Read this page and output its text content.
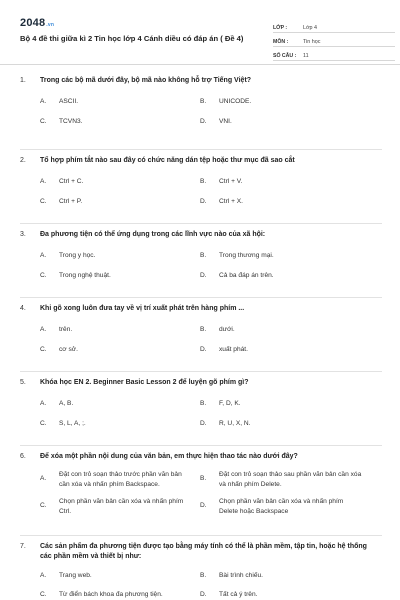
2048.vn
Bộ 4 đề thi giữa kì 2 Tin học lớp 4 Cánh diều có đáp án ( Đề 4)
LỚP :	Lớp 4
MÔN :	Tin học
SỐ CÂU :	11
1. Trong các bộ mã dưới đây, bộ mã nào không hỗ trợ Tiếng Việt?
A. ASCII.	B. UNICODE.
C. TCVN3.	D. VNI.
2. Tổ hợp phím tắt nào sau đây có chức năng dán tệp hoặc thư mục đã sao cắt
A. Ctrl + C.	B. Ctrl + V.
C. Ctrl + P.	D. Ctrl + X.
3. Đa phương tiện có thể ứng dụng trong các lĩnh vực nào của xã hội:
A. Trong y học.	B. Trong thương mại.
C. Trong nghệ thuật.	D. Cả ba đáp án trên.
4. Khi gõ xong luôn đưa tay về vị trí xuất phát trên hàng phím ...
A. trên.	B. dưới.
C. cơ sở.	D. xuất phát.
5. Khóa học EN 2. Beginner Basic Lesson 2 để luyện gõ phím gì?
A. A, B.	B. F, D, K.
C. S, L, A, ;.	D. R, U, X, N.
6. Để xóa một phần nội dung của văn bản, em thực hiện thao tác nào dưới đây?
A.
Đặt con trỏ soạn thảo trước phần văn bản cần xóa và nhấn phím Backspace.
B.
Đặt con trỏ soạn thảo sau phần văn bản cần xóa và nhấn phím Delete.
C.
Chọn phần văn bản cần xóa và nhấn phím Ctrl.
D.
Chọn phần văn bản cần xóa và nhấn phím Delete hoặc Backspace
7. Các sản phẩm đa phương tiện được tạo bằng máy tính có thể là phần mềm, tập tin, hoặc hệ thống các phần mềm và thiết bị như:
A. Trang web.	B. Bài trình chiếu.
C. Từ điển bách khoa đa phương tiện.	D. Tất cả ý trên.
